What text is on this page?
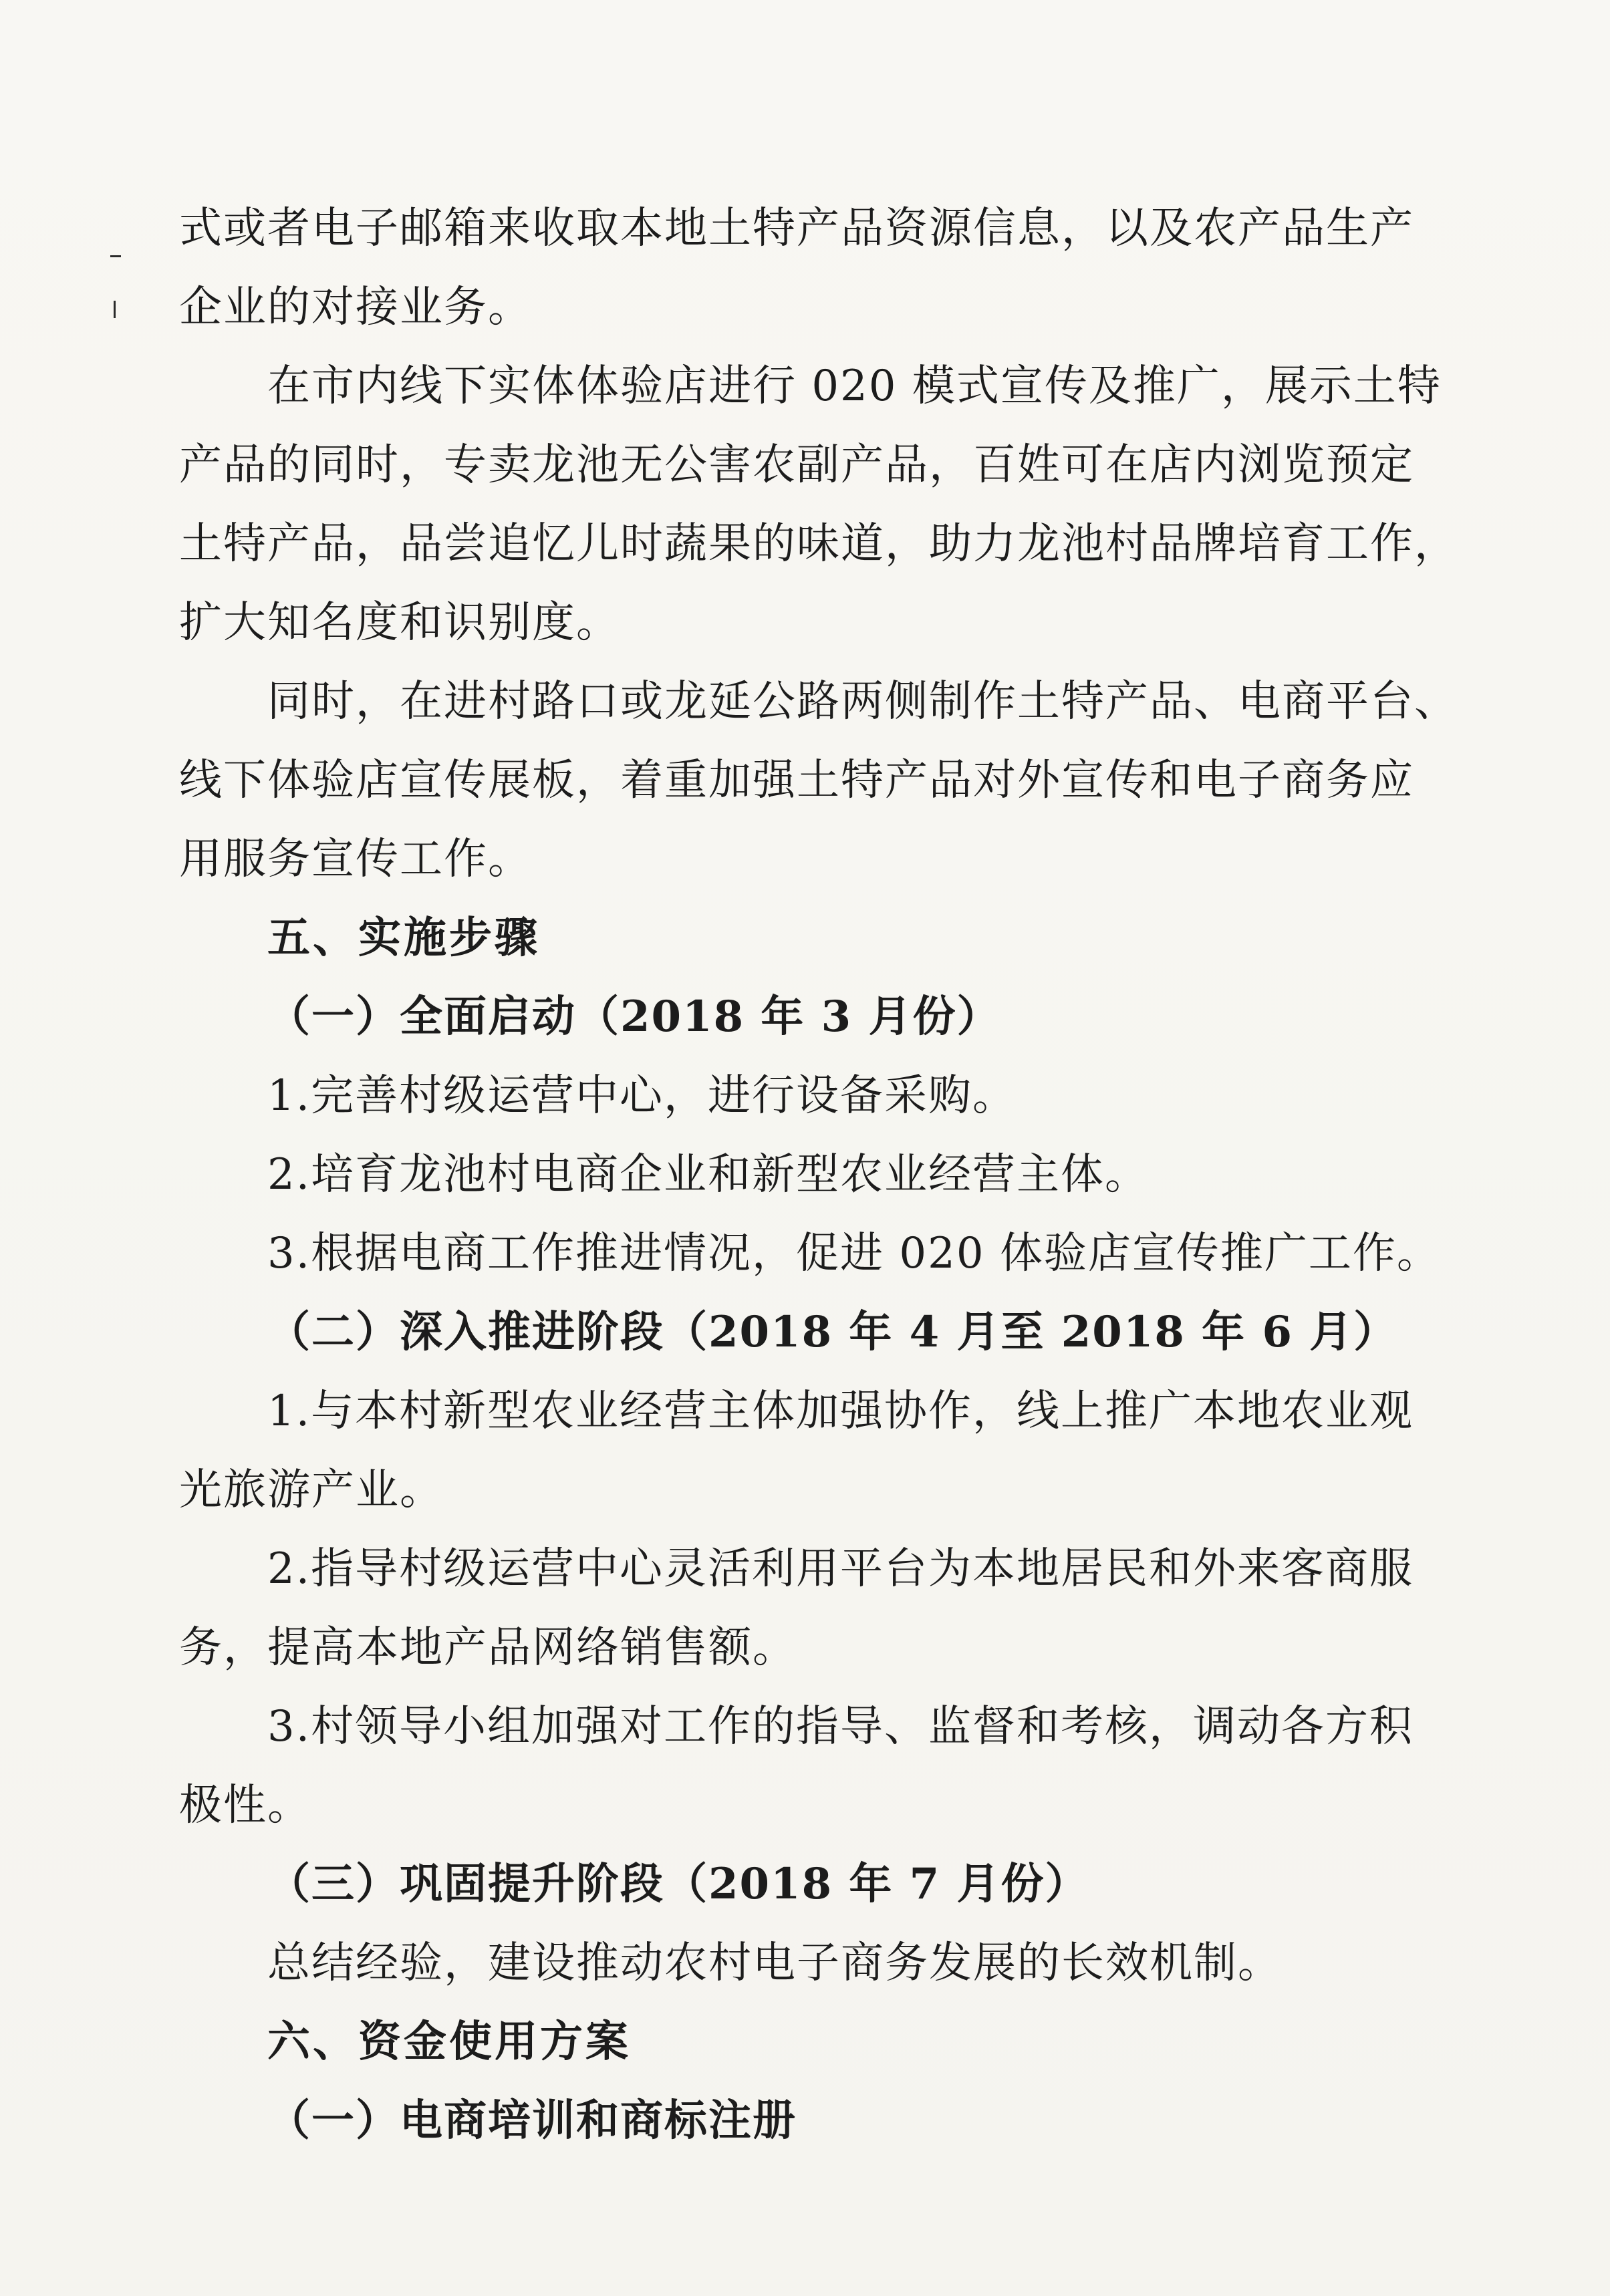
式或者电子邮箱来收取本地土特产品资源信息，以及农产品生产
企业的对接业务。
在市内线下实体体验店进行 020 模式宣传及推广，展示土特
产品的同时，专卖龙池无公害农副产品，百姓可在店内浏览预定
土特产品，品尝追忆儿时蔬果的味道，助力龙池村品牌培育工作，
扩大知名度和识别度。
同时，在进村路口或龙延公路两侧制作土特产品、电商平台、
线下体验店宣传展板，着重加强土特产品对外宣传和电子商务应
用服务宣传工作。
五、实施步骤
（一）全面启动（2018 年 3 月份）
1.完善村级运营中心，进行设备采购。
2.培育龙池村电商企业和新型农业经营主体。
3.根据电商工作推进情况，促进 020 体验店宣传推广工作。
（二）深入推进阶段（2018 年 4 月至 2018 年 6 月）
1.与本村新型农业经营主体加强协作，线上推广本地农业观
光旅游产业。
2.指导村级运营中心灵活利用平台为本地居民和外来客商服
务，提高本地产品网络销售额。
3.村领导小组加强对工作的指导、监督和考核，调动各方积
极性。
（三）巩固提升阶段（2018 年 7 月份）
总结经验，建设推动农村电子商务发展的长效机制。
六、资金使用方案
（一）电商培训和商标注册
